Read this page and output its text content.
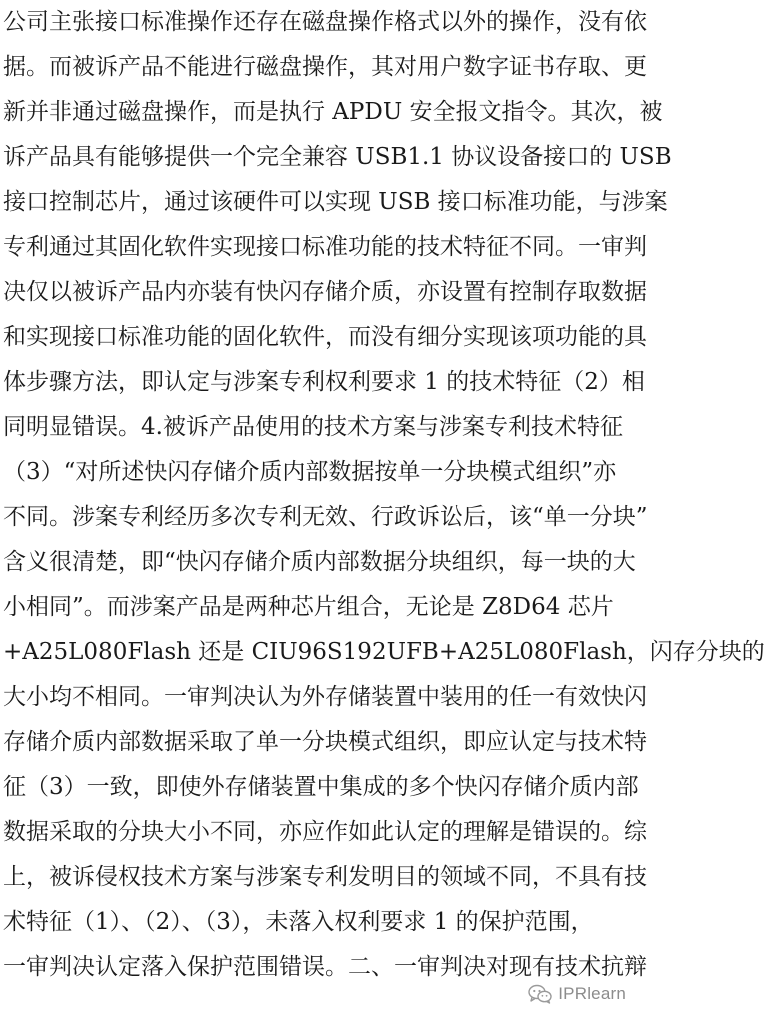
公司主张接口标准操作还存在磁盘操作格式以外的操作，没有依
据。而被诉产品不能进行磁盘操作，其对用户数字证书存取、更
新并非通过磁盘操作，而是执行 APDU 安全报文指令。其次，被
诉产品具有能够提供一个完全兼容 USB1.1 协议设备接口的 USB
接口控制芯片，通过该硬件可以实现 USB 接口标准功能，与涉案
专利通过其固化软件实现接口标准功能的技术特征不同。一审判
决仅以被诉产品内亦装有快闪存储介质，亦设置有控制存取数据
和实现接口标准功能的固化软件，而没有细分实现该项功能的具
体步骤方法，即认定与涉案专利权利要求 1 的技术特征（2）相
同明显错误。4.被诉产品使用的技术方案与涉案专利技术特征
（3）“对所述快闪存储介质内部数据按单一分块模式组织”亦
不同。涉案专利经历多次专利无效、行政诉讼后，该“单一分块”
含义很清楚，即“快闪存储介质内部数据分块组织，每一块的大
小相同”。而涉案产品是两种芯片组合，无论是 Z8D64 芯片
+A25L080Flash 还是 CIU96S192UFB+A25L080Flash，闪存分块的
大小均不相同。一审判决认为外存储装置中装用的任一有效快闪
存储介质内部数据采取了单一分块模式组织，即应认定与技术特
征（3）一致，即使外存储装置中集成的多个快闪存储介质内部
数据采取的分块大小不同，亦应作如此认定的理解是错误的。综
上，被诉侵权技术方案与涉案专利发明目的领域不同，不具有技
术特征（1）、（2）、（3），未落入权利要求 1 的保护范围，
一审判决认定落入保护范围错误。二、一审判决对现有技术抗辩
IPRlearn
